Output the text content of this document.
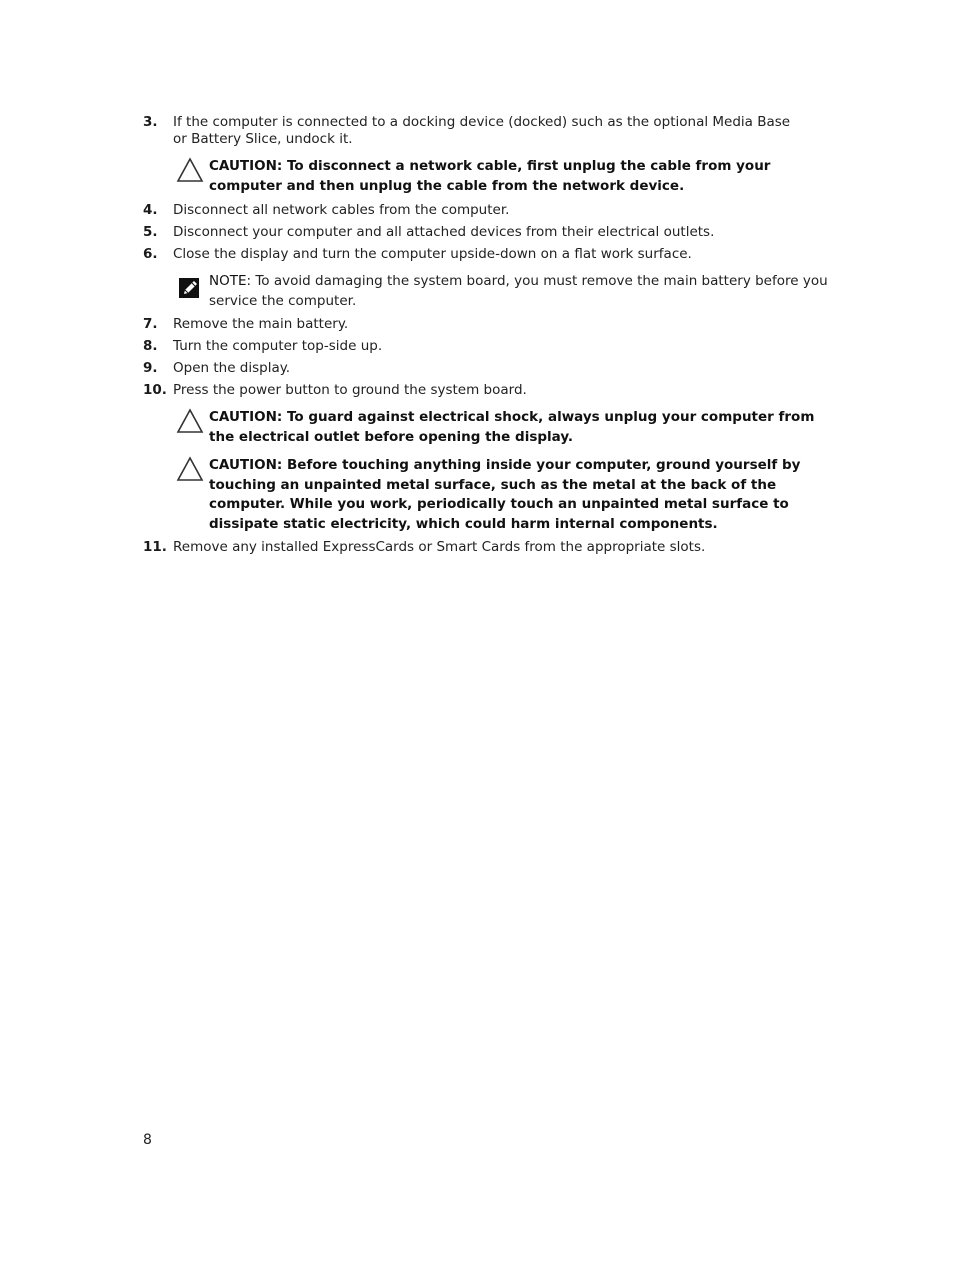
3. If the computer is connected to a docking device (docked) such as the optional Media Base or Battery Slice, undock it.
CAUTION: To disconnect a network cable, first unplug the cable from your computer and then unplug the cable from the network device.
4. Disconnect all network cables from the computer.
5. Disconnect your computer and all attached devices from their electrical outlets.
6. Close the display and turn the computer upside-down on a flat work surface.
NOTE: To avoid damaging the system board, you must remove the main battery before you service the computer.
7. Remove the main battery.
8. Turn the computer top-side up.
9. Open the display.
10. Press the power button to ground the system board.
CAUTION: To guard against electrical shock, always unplug your computer from the electrical outlet before opening the display.
CAUTION: Before touching anything inside your computer, ground yourself by touching an unpainted metal surface, such as the metal at the back of the computer. While you work, periodically touch an unpainted metal surface to dissipate static electricity, which could harm internal components.
11. Remove any installed ExpressCards or Smart Cards from the appropriate slots.
8
